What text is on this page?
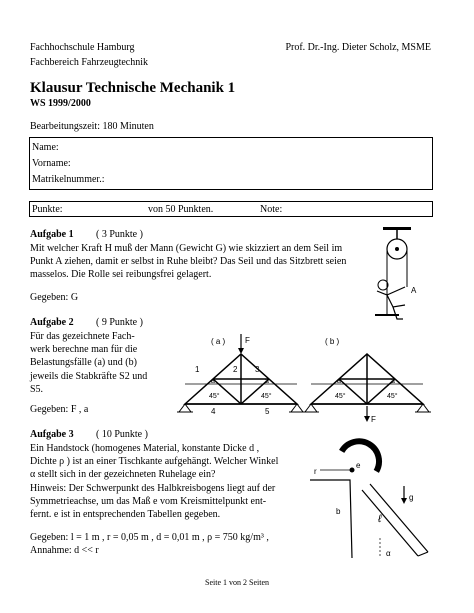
Fachhochschule Hamburg
Fachbereich Fahrzeugtechnik
Prof. Dr.-Ing. Dieter Scholz, MSME
Klausur Technische Mechanik 1
WS 1999/2000
Bearbeitungszeit: 180 Minuten
Name:
Vorname:
Matrikelnummer.:
Punkte:	von 50 Punkten.	Note:
Aufgabe 1 ( 3 Punkte )

Mit welcher Kraft H muß der Mann (Gewicht G) wie skizziert an dem Seil im

Punkt A ziehen, damit er selbst in Ruhe bleibt? Das Seil und das Sitzbrett seien

masselos. Die Rolle sei reibungsfrei gelagert.

Gegeben: G
A
Aufgabe 2 ( 9 Punkte )

Für das gezeichnete Fach-

werk berechne man für die

Belastungsfälle (a) und (b)

jeweils die Stabkräfte S2 und

S5.

Gegeben: F , a
( a ) F
a	a
45°	45°
1	2 3
4	5
( b )
a	a
45°	45°
F
Aufgabe 3 ( 10 Punkte )

Ein Handstock (homogenes Material, konstante Dicke d ,

Dichte ρ ) ist an einer Tischkante aufgehängt. Welcher Winkel

α stellt sich in der gezeichneten Ruhelage ein?

Hinweis: Der Schwerpunkt des Halbkreisbogens liegt auf der

Symmetrieachse, um das Maß e vom Kreismittelpunkt ent-

fernt. e ist in entsprechenden Tabellen gegeben.

Gegeben: l = 1 m , r = 0,05 m , d = 0,01 m , ρ = 750 kg/m³ ,
Annahme: d << r
r
e
g
b
ℓ
α
Seite 1 von 2 Seiten
